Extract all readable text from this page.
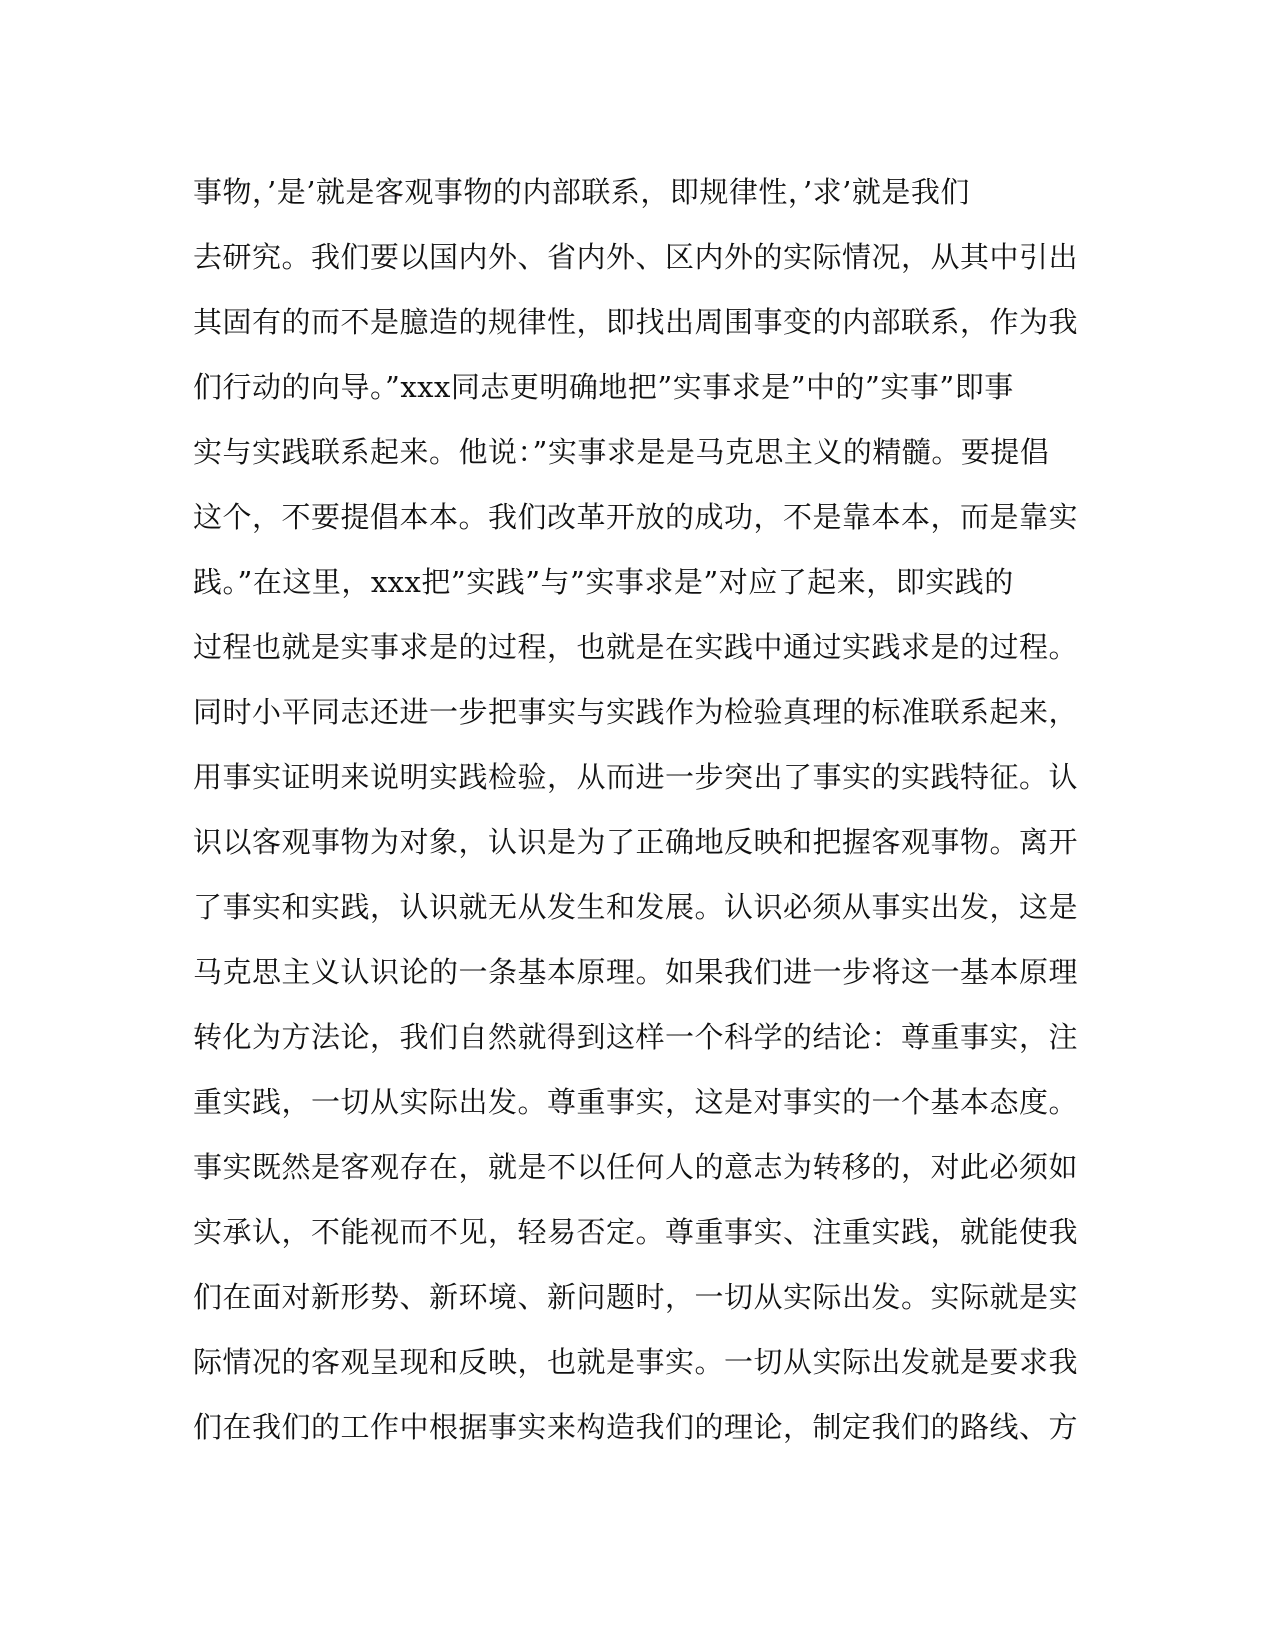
事物，’是’就是客观事物的内部联系，即规律性，’求’就是我们
去研究。我们要以国内外、省内外、区内外的实际情况，从其中引出
其固有的而不是臆造的规律性，即找出周围事变的内部联系，作为我
们行动的向导。”xxx同志更明确地把”实事求是”中的”实事”即事
实与实践联系起来。他说：”实事求是是马克思主义的精髓。要提倡
这个，不要提倡本本。我们改革开放的成功，不是靠本本，而是靠实
践。”在这里，xxx把”实践”与”实事求是”对应了起来，即实践的
过程也就是实事求是的过程，也就是在实践中通过实践求是的过程。
同时小平同志还进一步把事实与实践作为检验真理的标准联系起来，
用事实证明来说明实践检验，从而进一步突出了事实的实践特征。认
识以客观事物为对象，认识是为了正确地反映和把握客观事物。离开
了事实和实践，认识就无从发生和发展。认识必须从事实出发，这是
马克思主义认识论的一条基本原理。如果我们进一步将这一基本原理
转化为方法论，我们自然就得到这样一个科学的结论：尊重事实，注
重实践，一切从实际出发。尊重事实，这是对事实的一个基本态度。
事实既然是客观存在，就是不以任何人的意志为转移的，对此必须如
实承认，不能视而不见，轻易否定。尊重事实、注重实践，就能使我
们在面对新形势、新环境、新问题时，一切从实际出发。实际就是实
际情况的客观呈现和反映，也就是事实。一切从实际出发就是要求我
们在我们的工作中根据事实来构造我们的理论，制定我们的路线、方
